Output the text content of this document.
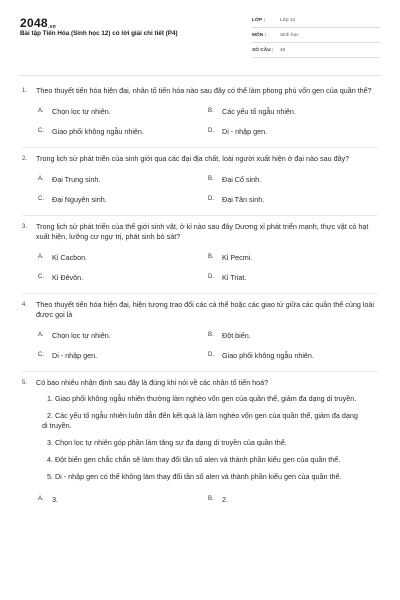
2048.vn
Bài tập Tiến Hóa (Sinh học 12) có lời giải chi tiết (P4)
LỚP :	Lớp 12
MÔN :	Sinh học
SỐ CÂU :	40
1. Theo thuyết tiến hóa hiện đại, nhân tố tiến hóa nào sau đây có thể làm phong phú vốn gen của quần thể?
A.	Chọn lọc tự nhiên.	B.	Các yếu tố ngẫu nhiên.
C.	Giao phối không ngẫu nhiên.	D.	Di - nhập gen.
2. Trong lịch sử phát triển của sinh giới qua các đại địa chất, loài người xuất hiện ở đại nào sau đây?
A.	Đại Trung sinh.	B.	Đại Cổ sinh.
C.	Đại Nguyên sinh.	D.	Đại Tân sinh.
3. Trong lịch sử phát triển của thế giới sinh vật, ở kỉ nào sau đây Dương xỉ phát triển mạnh, thực vật có hạt xuất hiện, lưỡng cư ngự trị, phát sinh bò sát?
A.	Kỉ Cacbon.	B.	Kỉ Pecmi.
C.	Kỉ Đêvôn.	D.	Kỉ Triat.
4. Theo thuyết tiến hóa hiện đại, hiện tượng trao đổi các cá thể hoặc các giao tử giữa các quần thể cùng loài được gọi là
A.	Chọn lọc tự nhiên.	B.	Đột biến.
C.	Di - nhập gen.	D.	Giao phối không ngẫu nhiên.
5. Có bao nhiêu nhận định sau đây là đúng khi nói về các nhân tố tiến hoá?
1. Giao phối không ngẫu nhiên thường làm nghèo vốn gen của quần thể, giảm đa dạng di truyền.
2. Các yếu tố ngẫu nhiên luôn dẫn đến kết quả là làm nghèo vốn gen của quần thể, giảm đa dạng di truyền.
3. Chọn lọc tự nhiên góp phần làm tăng sự đa dạng di truyền của quần thể.
4. Đột biến gen chắc chắn sẽ làm thay đổi tần số alen và thành phần kiểu gen của quần thể.
5. Di - nhập gen có thể không làm thay đổi tần số alen và thành phần kiểu gen của quần thể.
A.	3.	B.	2.
